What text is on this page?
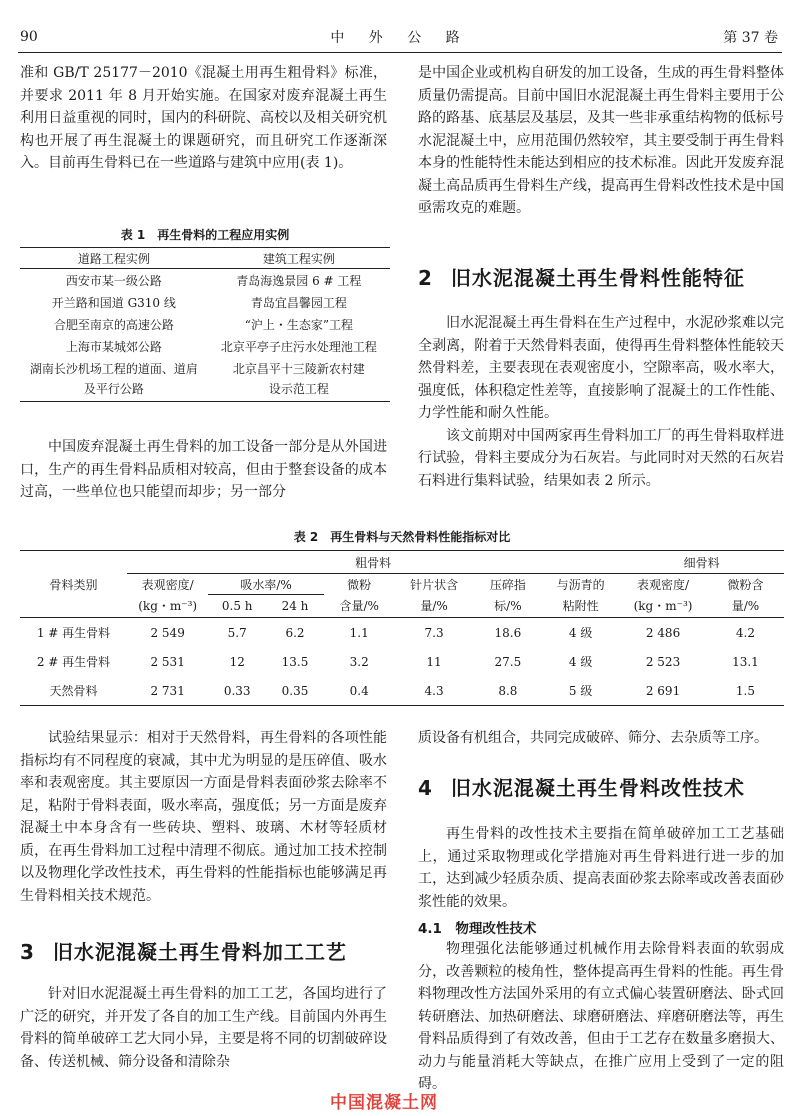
90	中 外 公 路	第 37 卷

准和 GB/T 25177－2010《混凝土用再生粗骨料》标准，并要求 2011 年 8 月开始实施。在国家对废弃混凝土再生利用日益重视的同时，国内的科研院、高校以及相关研究机构也开展了再生混凝土的课题研究，而且研究工作逐渐深入。目前再生骨料已在一些道路与建筑中应用(表 1)。

表 1　再生骨料的工程应用实例
道路工程实例	建筑工程实例
西安市某一级公路	青岛海逸景园 6 # 工程
开兰路和国道 G310 线	青岛宜昌馨园工程
合肥至南京的高速公路	“沪上・生态家”工程
上海市某城郊公路	北京平亭子庄污水处理池工程
湖南长沙机场工程的道面、道肩及平行公路	北京昌平十三陵新农村建设示范工程

中国废弃混凝土再生骨料的加工设备一部分是从外国进口，生产的再生骨料品质相对较高，但由于整套设备的成本过高，一些单位也只能望而却步；另一部分

是中国企业或机构自研发的加工设备，生成的再生骨料整体质量仍需提高。目前中国旧水泥混凝土再生骨料主要用于公路的路基、底基层及基层，及其一些非承重结构物的低标号水泥混凝土中，应用范围仍然较窄，其主要受制于再生骨料本身的性能特性未能达到相应的技术标准。因此开发废弃混凝土高品质再生骨料生产线，提高再生骨料改性技术是中国亟需攻克的难题。

2 旧水泥混凝土再生骨料性能特征

旧水泥混凝土再生骨料在生产过程中，水泥砂浆难以完全剥离，附着于天然骨料表面，使得再生骨料整体性能较天然骨料差，主要表现在表观密度小，空隙率高，吸水率大，强度低，体积稳定性差等，直接影响了混凝土的工作性能、力学性能和耐久性能。

该文前期对中国两家再生骨料加工厂的再生骨料取样进行试验，骨料主要成分为石灰岩。与此同时对天然的石灰岩石料进行集料试验，结果如表 2 所示。

表 2　再生骨料与天然骨料性能指标对比
骨料类别	粗骨料							细骨料	
	表观密度/	吸水率/%		微粉	针片状含	压碎指	与沥青的	表观密度/	微粉含
	(kg・m⁻³)	0.5 h	24 h	含量/%	量/%	标/%	粘附性	(kg・m⁻³)	量/%
1 # 再生骨料	2 549	5.7	6.2	1.1	7.3	18.6	4 级	2 486	4.2
2 # 再生骨料	2 531	12	13.5	3.2	11	27.5	4 级	2 523	13.1
天然骨料	2 731	0.33	0.35	0.4	4.3	8.8	5 级	2 691	1.5

试验结果显示：相对于天然骨料，再生骨料的各项性能指标均有不同程度的衰减，其中尤为明显的是压碎值、吸水率和表观密度。其主要原因一方面是骨料表面砂浆去除率不足，粘附于骨料表面，吸水率高，强度低；另一方面是废弃混凝土中本身含有一些砖块、塑料、玻璃、木材等轻质材质，在再生骨料加工过程中清理不彻底。通过加工技术控制以及物理化学改性技术，再生骨料的性能指标也能够满足再生骨料相关技术规范。

3 旧水泥混凝土再生骨料加工工艺

针对旧水泥混凝土再生骨料的加工工艺，各国均进行了广泛的研究，并开发了各自的加工生产线。目前国内外再生骨料的简单破碎工艺大同小异，主要是将不同的切割破碎设备、传送机械、筛分设备和清除杂

质设备有机组合，共同完成破碎、筛分、去杂质等工序。

4 旧水泥混凝土再生骨料改性技术

再生骨料的改性技术主要指在简单破碎加工工艺基础上，通过采取物理或化学措施对再生骨料进行进一步的加工，达到减少轻质杂质、提高表面砂浆去除率或改善表面砂浆性能的效果。

4.1　物理改性技术

物理强化法能够通过机械作用去除骨料表面的软弱成分，改善颗粒的棱角性，整体提高再生骨料的性能。再生骨料物理改性方法国外采用的有立式偏心装置研磨法、卧式回转研磨法、加热研磨法、球磨研磨法、痒磨研磨法等，再生骨料品质得到了有效改善，但由于工艺存在数量多磨损大、动力与能量消耗大等缺点，在推广应用上受到了一定的阻碍。

中国混凝土网
